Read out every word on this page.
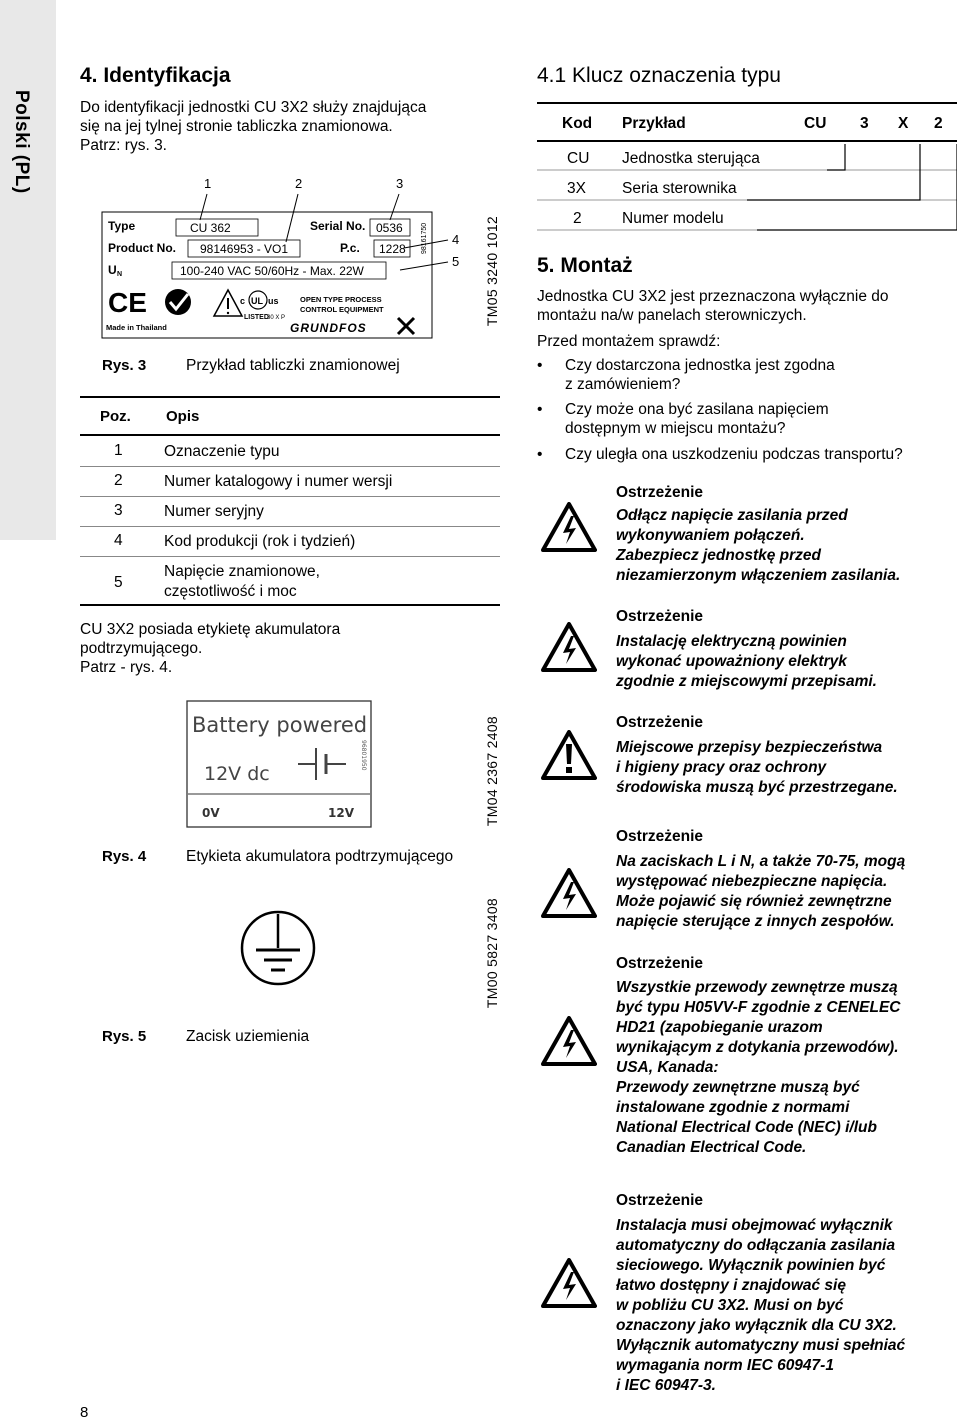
Polski (PL)
8
4. Identyfikacja
Do identyfikacji jednostki CU 3X2 służy znajdująca
się na jej tylnej stronie tabliczka znamionowa.
Patrz: rys. 3.
1	2	3
4
5
Type	CU 362	Serial No. 0536
Product No. 98146953 - VO1	P.c. 1228 98161750
U N	100-240 VAC 50/60Hz - Max. 22W
CE	c UL us
LISTED
30 X P
OPEN TYPE PROCESS
CONTROL EQUIPMENT
GRUNDFOS
Made in Thailand
TM05 3240 1012
Rys. 3	Przykład tabliczki znamionowej
Poz. Opis
1	Oznaczenie typu
2	Numer katalogowy i numer wersji
3	Numer seryjny
4	Kod produkcji (rok i tydzień)
5
Napięcie znamionowe,
częstotliwość i moc
CU 3X2 posiada etykietę akumulatora
podtrzymującego.
Patrz - rys. 4.
Battery powered
12V dc
96801950
0V	12V	TM04 2367 2408
Rys. 4	Etykieta akumulatora podtrzymującego
TM00 5827 3408
Rys. 5	Zacisk uziemienia
4.1 Klucz oznaczenia typu
Kod Przykład	CU 3 X 2
CU Jednostka sterująca
3X Seria sterownika
2	Numer modelu
5. Montaż
Jednostka CU 3X2 jest przeznaczona wyłącznie do
montażu na/w panelach sterowniczych.
Przed montażem sprawdź:
• Czy dostarczona jednostka jest zgodna
z zamówieniem?
• Czy może ona być zasilana napięciem
dostępnym w miejscu montażu?
• Czy uległa ona uszkodzeniu podczas transportu?
Ostrzeżenie
Odłącz napięcie zasilania przed
wykonywaniem połączeń.
Zabezpiecz jednostkę przed
niezamierzonym włączeniem zasilania.
Ostrzeżenie
Instalację elektryczną powinien
wykonać upoważniony elektryk
zgodnie z miejscowymi przepisami.
Ostrzeżenie
Miejscowe przepisy bezpieczeństwa
i higieny pracy oraz ochrony
środowiska muszą być przestrzegane.
Ostrzeżenie
Na zaciskach L i N, a także 70-75, mogą
występować niebezpieczne napięcia.
Może pojawić się również zewnętrzne
napięcie sterujące z innych zespołów.
Ostrzeżenie
Wszystkie przewody zewnętrze muszą
być typu H05VV-F zgodnie z CENELEC
HD21 (zapobieganie urazom
wynikającym z dotykania przewodów).
USA, Kanada:
Przewody zewnętrzne muszą być
instalowane zgodnie z normami
National Electrical Code (NEC) i/lub
Canadian Electrical Code.
Ostrzeżenie
Instalacja musi obejmować wyłącznik
automatyczny do odłączania zasilania
sieciowego. Wyłącznik powinien być
łatwo dostępny i znajdować się
w pobliżu CU 3X2. Musi on być
oznaczony jako wyłącznik dla CU 3X2.
Wyłącznik automatyczny musi spełniać
wymagania norm IEC 60947-1
i IEC 60947-3.
